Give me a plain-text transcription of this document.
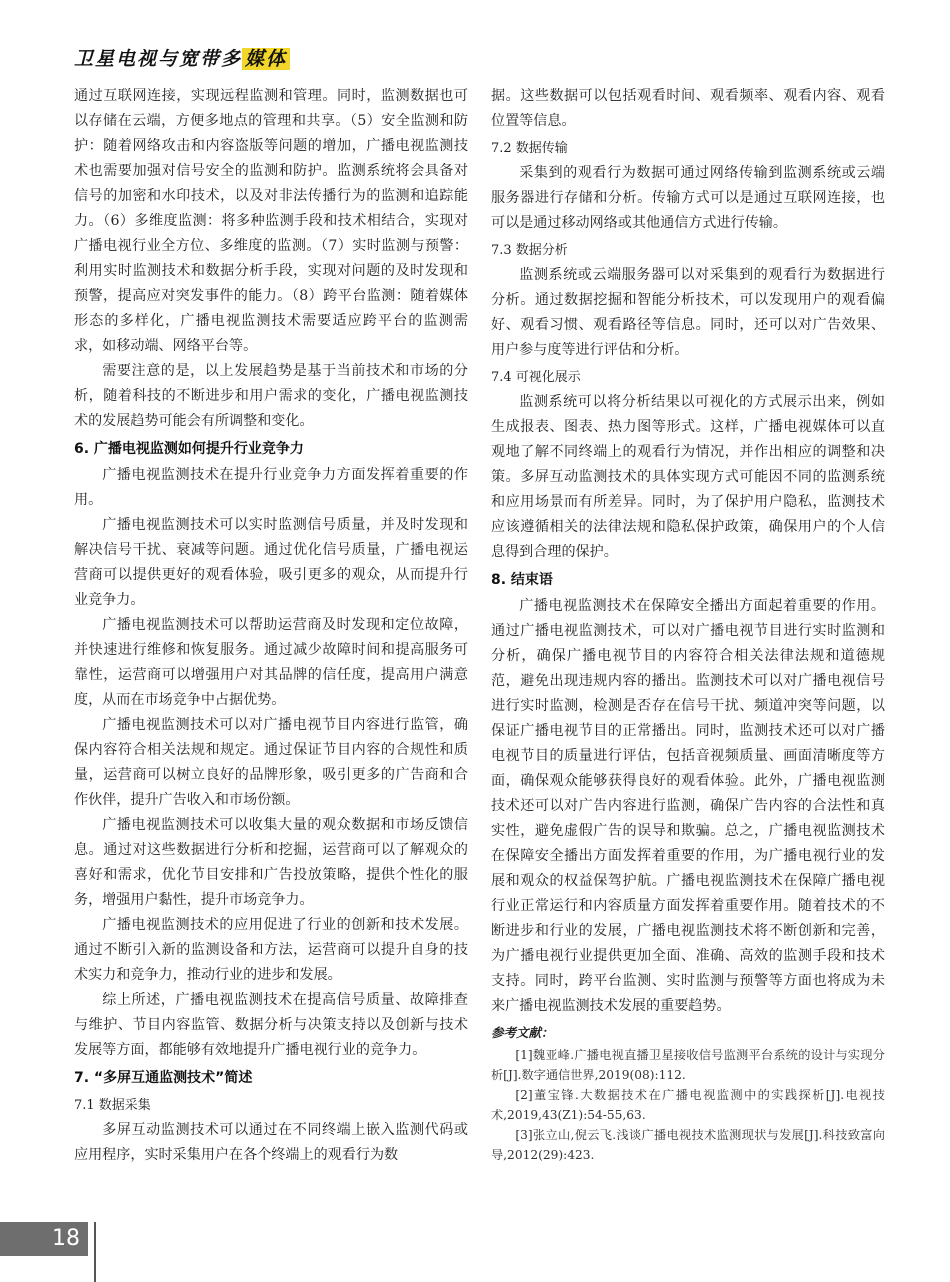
卫星电视与宽带多 媒体

通过互联网连接，实现远程监测和管理。同时，监测数据也可以存储在云端，方便多地点的管理和共享。（5）安全监测和防护：随着网络攻击和内容盗版等问题的增加，广播电视监测技术也需要加强对信号安全的监测和防护。监测系统将会具备对信号的加密和水印技术，以及对非法传播行为的监测和追踪能力。（6）多维度监测：将多种监测手段和技术相结合，实现对广播电视行业全方位、多维度的监测。（7）实时监测与预警：利用实时监测技术和数据分析手段，实现对问题的及时发现和预警，提高应对突发事件的能力。（8）跨平台监测：随着媒体形态的多样化，广播电视监测技术需要适应跨平台的监测需求，如移动端、网络平台等。

需要注意的是，以上发展趋势是基于当前技术和市场的分析，随着科技的不断进步和用户需求的变化，广播电视监测技术的发展趋势可能会有所调整和变化。

6. 广播电视监测如何提升行业竞争力

广播电视监测技术在提升行业竞争力方面发挥着重要的作用。

广播电视监测技术可以实时监测信号质量，并及时发现和解决信号干扰、衰减等问题。通过优化信号质量，广播电视运营商可以提供更好的观看体验，吸引更多的观众，从而提升行业竞争力。

广播电视监测技术可以帮助运营商及时发现和定位故障，并快速进行维修和恢复服务。通过减少故障时间和提高服务可靠性，运营商可以增强用户对其品牌的信任度，提高用户满意度，从而在市场竞争中占据优势。

广播电视监测技术可以对广播电视节目内容进行监管，确保内容符合相关法规和规定。通过保证节目内容的合规性和质量，运营商可以树立良好的品牌形象，吸引更多的广告商和合作伙伴，提升广告收入和市场份额。

广播电视监测技术可以收集大量的观众数据和市场反馈信息。通过对这些数据进行分析和挖掘，运营商可以了解观众的喜好和需求，优化节目安排和广告投放策略，提供个性化的服务，增强用户黏性，提升市场竞争力。

广播电视监测技术的应用促进了行业的创新和技术发展。通过不断引入新的监测设备和方法，运营商可以提升自身的技术实力和竞争力，推动行业的进步和发展。

综上所述，广播电视监测技术在提高信号质量、故障排查与维护、节目内容监管、数据分析与决策支持以及创新与技术发展等方面，都能够有效地提升广播电视行业的竞争力。

7. “多屏互通监测技术”简述
7.1 数据采集

多屏互动监测技术可以通过在不同终端上嵌入监测代码或应用程序，实时采集用户在各个终端上的观看行为数

据。这些数据可以包括观看时间、观看频率、观看内容、观看位置等信息。

7.2 数据传输

采集到的观看行为数据可通过网络传输到监测系统或云端服务器进行存储和分析。传输方式可以是通过互联网连接，也可以是通过移动网络或其他通信方式进行传输。

7.3 数据分析

监测系统或云端服务器可以对采集到的观看行为数据进行分析。通过数据挖掘和智能分析技术，可以发现用户的观看偏好、观看习惯、观看路径等信息。同时，还可以对广告效果、用户参与度等进行评估和分析。

7.4 可视化展示

监测系统可以将分析结果以可视化的方式展示出来，例如生成报表、图表、热力图等形式。这样，广播电视媒体可以直观地了解不同终端上的观看行为情况，并作出相应的调整和决策。多屏互动监测技术的具体实现方式可能因不同的监测系统和应用场景而有所差异。同时，为了保护用户隐私，监测技术应该遵循相关的法律法规和隐私保护政策，确保用户的个人信息得到合理的保护。

8. 结束语

广播电视监测技术在保障安全播出方面起着重要的作用。通过广播电视监测技术，可以对广播电视节目进行实时监测和分析，确保广播电视节目的内容符合相关法律法规和道德规范，避免出现违规内容的播出。监测技术可以对广播电视信号进行实时监测，检测是否存在信号干扰、频道冲突等问题，以保证广播电视节目的正常播出。同时，监测技术还可以对广播电视节目的质量进行评估，包括音视频质量、画面清晰度等方面，确保观众能够获得良好的观看体验。此外，广播电视监测技术还可以对广告内容进行监测，确保广告内容的合法性和真实性，避免虚假广告的误导和欺骗。总之，广播电视监测技术在保障安全播出方面发挥着重要的作用，为广播电视行业的发展和观众的权益保驾护航。广播电视监测技术在保障广播电视行业正常运行和内容质量方面发挥着重要作用。随着技术的不断进步和行业的发展，广播电视监测技术将不断创新和完善，为广播电视行业提供更加全面、准确、高效的监测手段和技术支持。同时，跨平台监测、实时监测与预警等方面也将成为未来广播电视监测技术发展的重要趋势。

参考文献：

[1]魏亚峰.广播电视直播卫星接收信号监测平台系统的设计与实现分析[J].数字通信世界,2019(08):112.

[2]董宝锋.大数据技术在广播电视监测中的实践探析[J].电视技术,2019,43(Z1):54-55,63.

[3]张立山,倪云飞.浅谈广播电视技术监测现状与发展[J].科技致富向导,2012(29):423.

18
